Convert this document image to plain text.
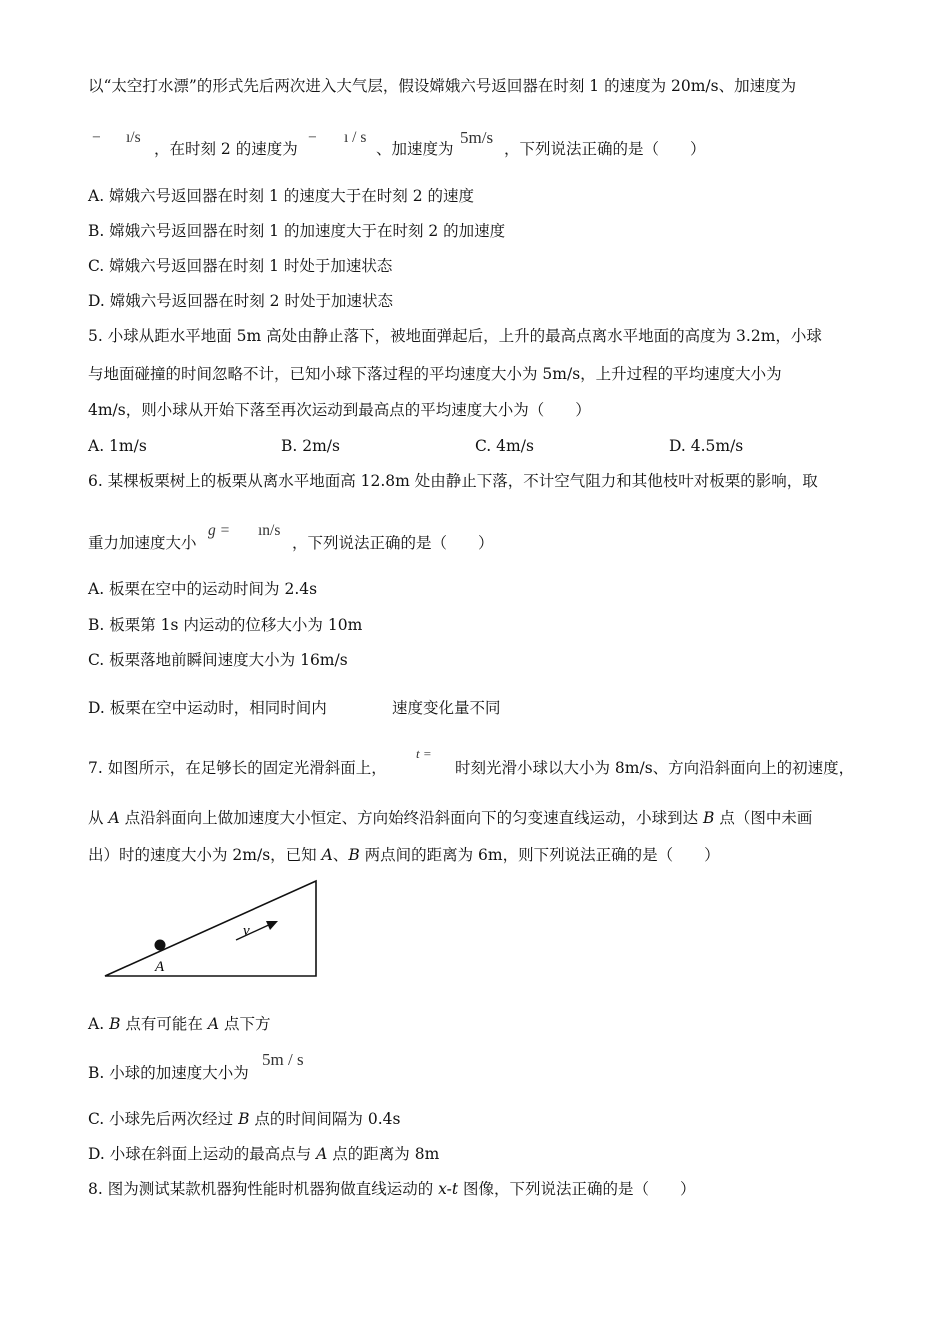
以“太空打水漂”的形式先后两次进入大气层，假设嫦娥六号返回器在时刻 1 的速度为 20m/s、加速度为
− ı/s
，在时刻 2 的速度为
− ı / s
、加速度为
5m/s
，下列说法正确的是（　　）
A. 嫦娥六号返回器在时刻 1 的速度大于在时刻 2 的速度
B. 嫦娥六号返回器在时刻 1 的加速度大于在时刻 2 的加速度
C. 嫦娥六号返回器在时刻 1 时处于加速状态
D. 嫦娥六号返回器在时刻 2 时处于加速状态
5. 小球从距水平地面 5m 高处由静止落下，被地面弹起后，上升的最高点离水平地面的高度为 3.2m，小球
与地面碰撞的时间忽略不计，已知小球下落过程的平均速度大小为 5m/s，上升过程的平均速度大小为
4m/s，则小球从开始下落至再次运动到最高点的平均速度大小为（　　）
A. 1m/s	B. 2m/s	C. 4m/s	D. 4.5m/s
6. 某棵板栗树上的板栗从离水平地面高 12.8m 处由静止下落，不计空气阻力和其他枝叶对板栗的影响，取
重力加速度大小
g = ın/s
，下列说法正确的是（　　）
A. 板栗在空中的运动时间为 2.4s
B. 板栗第 1s 内运动的位移大小为 10m
C. 板栗落地前瞬间速度大小为 16m/s
D. 板栗在空中运动时，相同时间内	速度变化量不同
t =
7. 如图所示，在足够长的固定光滑斜面上，	时刻光滑小球以大小为 8m/s、方向沿斜面向上的初速度，
从 A 点沿斜面向上做加速度大小恒定、方向始终沿斜面向下的匀变速直线运动，小球到达 B 点（图中未画
出）时的速度大小为 2m/s，已知 A、B 两点间的距离为 6m，则下列说法正确的是（　　）
v
A
A. B 点有可能在 A 点下方
B. 小球的加速度大小为
5m / s
C. 小球先后两次经过 B 点的时间间隔为 0.4s
D. 小球在斜面上运动的最高点与 A 点的距离为 8m
8. 图为测试某款机器狗性能时机器狗做直线运动的 x-t 图像，下列说法正确的是（　　）
